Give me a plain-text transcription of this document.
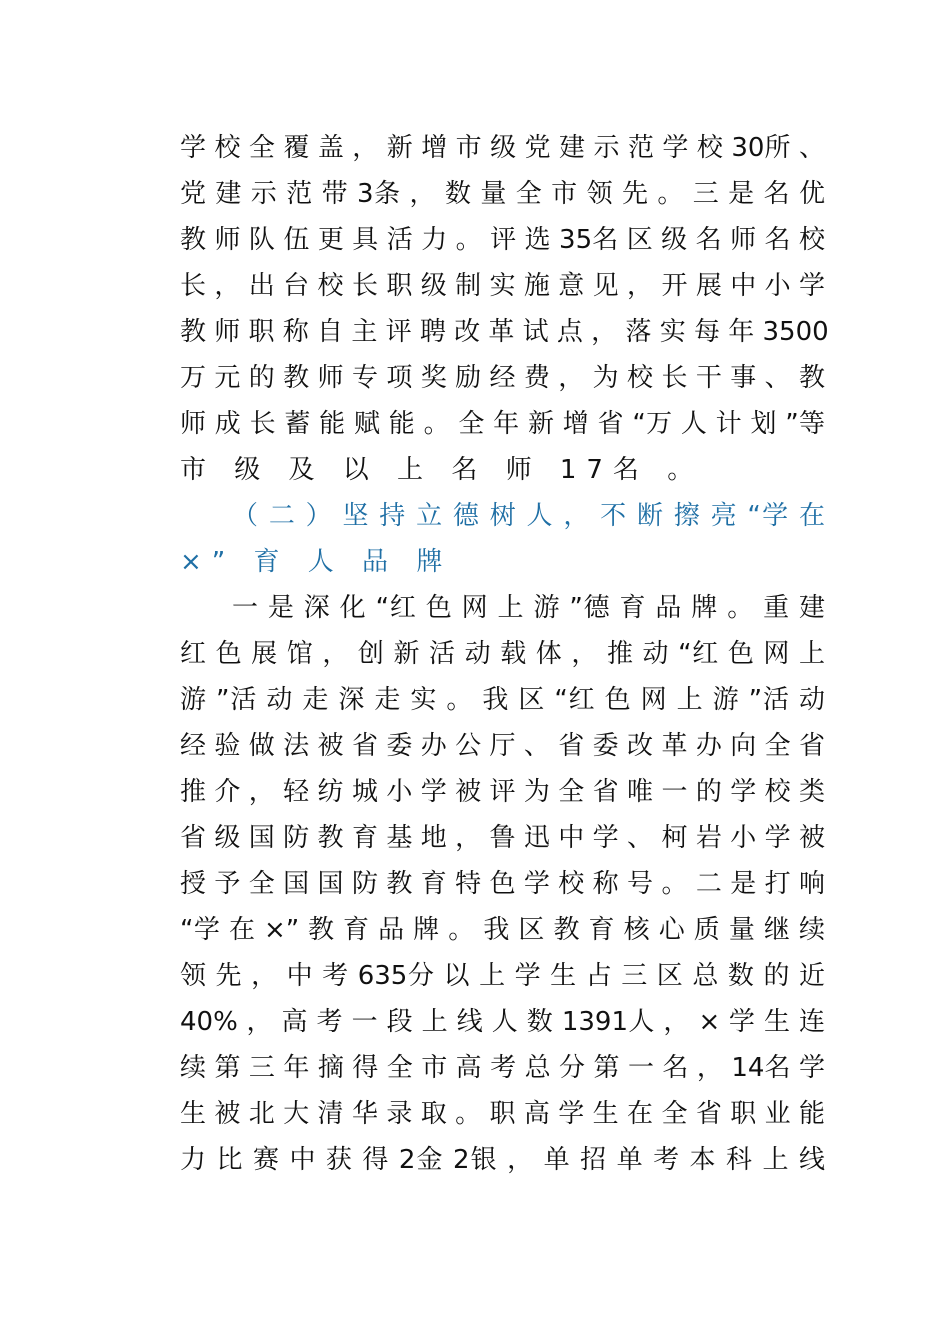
学 校 全 覆 盖 ， 新 增 市 级 党 建 示 范 学 校 30所 、
党 建 示 范 带 3条 ， 数 量 全 市 领 先 。 三 是 名 优
教 师 队 伍 更 具 活 力 。 评 选 35名 区 级 名 师 名 校
长 ， 出 台 校 长 职 级 制 实 施 意 见 ， 开 展 中 小 学
教 师 职 称 自 主 评 聘 改 革 试 点 ， 落 实 每 年 3500
万 元 的 教 师 专 项 奖 励 经 费 ， 为 校 长 干 事 、 教
师 成 长 蓄 能 赋 能 。 全 年 新 增 省 “万 人 计 划 ”等
市 级 及 以 上 名 师 17名 。
（ 二 ） 坚 持 立 德 树 人 ， 不 断 擦 亮 “学 在
×” 育 人 品 牌
一 是 深 化 “红 色 网 上 游 ”德 育 品 牌 。 重 建
红 色 展 馆 ， 创 新 活 动 载 体 ， 推 动 “红 色 网 上
游 ”活 动 走 深 走 实 。 我 区 “红 色 网 上 游 ”活 动
经 验 做 法 被 省 委 办 公 厅 、 省 委 改 革 办 向 全 省
推 介 ， 轻 纺 城 小 学 被 评 为 全 省 唯 一 的 学 校 类
省 级 国 防 教 育 基 地 ， 鲁 迅 中 学 、 柯 岩 小 学 被
授 予 全 国 国 防 教 育 特 色 学 校 称 号 。 二 是 打 响
“学 在 ×” 教 育 品 牌 。 我 区 教 育 核 心 质 量 继 续
领 先 ， 中 考 635分 以 上 学 生 占 三 区 总 数 的 近
40% ， 高 考 一 段 上 线 人 数 1391人 ， × 学 生 连
续 第 三 年 摘 得 全 市 高 考 总 分 第 一 名 ， 14名 学
生 被 北 大 清 华 录 取 。 职 高 学 生 在 全 省 职 业 能
力 比 赛 中 获 得 2金 2银 ， 单 招 单 考 本 科 上 线
